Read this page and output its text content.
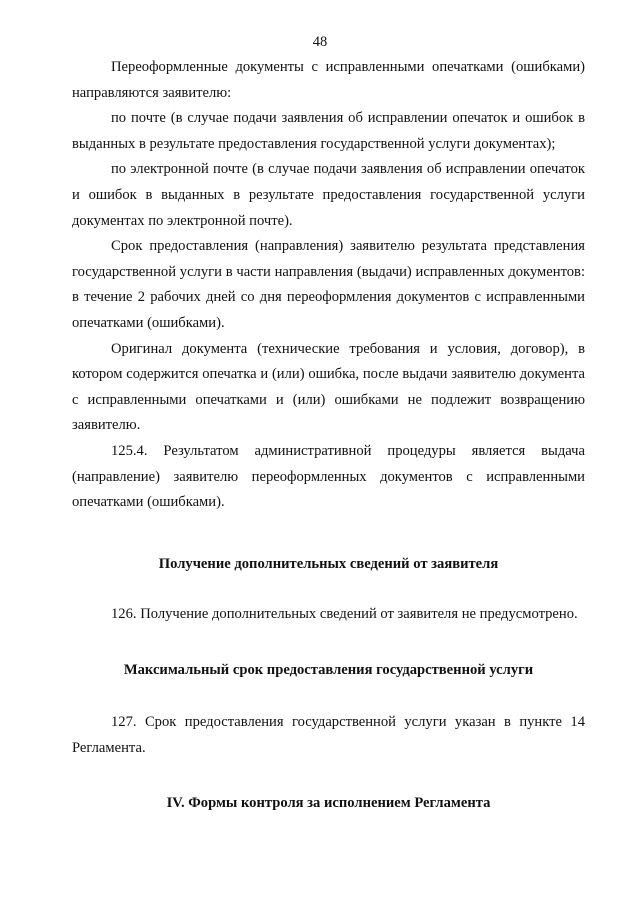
48

Переоформленные документы с исправленными опечатками (ошибками) направляются заявителю:

по почте (в случае подачи заявления об исправлении опечаток и ошибок в выданных в результате предоставления государственной услуги документах);

по электронной почте (в случае подачи заявления об исправлении опечаток и ошибок в выданных в результате предоставления государственной услуги документах по электронной почте).

Срок предоставления (направления) заявителю результата представления государственной услуги в части направления (выдачи) исправленных документов: в течение 2 рабочих дней со дня переоформления документов с исправленными опечатками (ошибками).

Оригинал документа (технические требования и условия, договор), в котором содержится опечатка и (или) ошибка, после выдачи заявителю документа с исправленными опечатками и (или) ошибками не подлежит возвращению заявителю.

125.4. Результатом административной процедуры является выдача (направление) заявителю переоформленных документов с исправленными опечатками (ошибками).

Получение дополнительных сведений от заявителя

126. Получение дополнительных сведений от заявителя не предусмотрено.

Максимальный срок предоставления государственной услуги

127. Срок предоставления государственной услуги указан в пункте 14 Регламента.

IV. Формы контроля за исполнением Регламента
